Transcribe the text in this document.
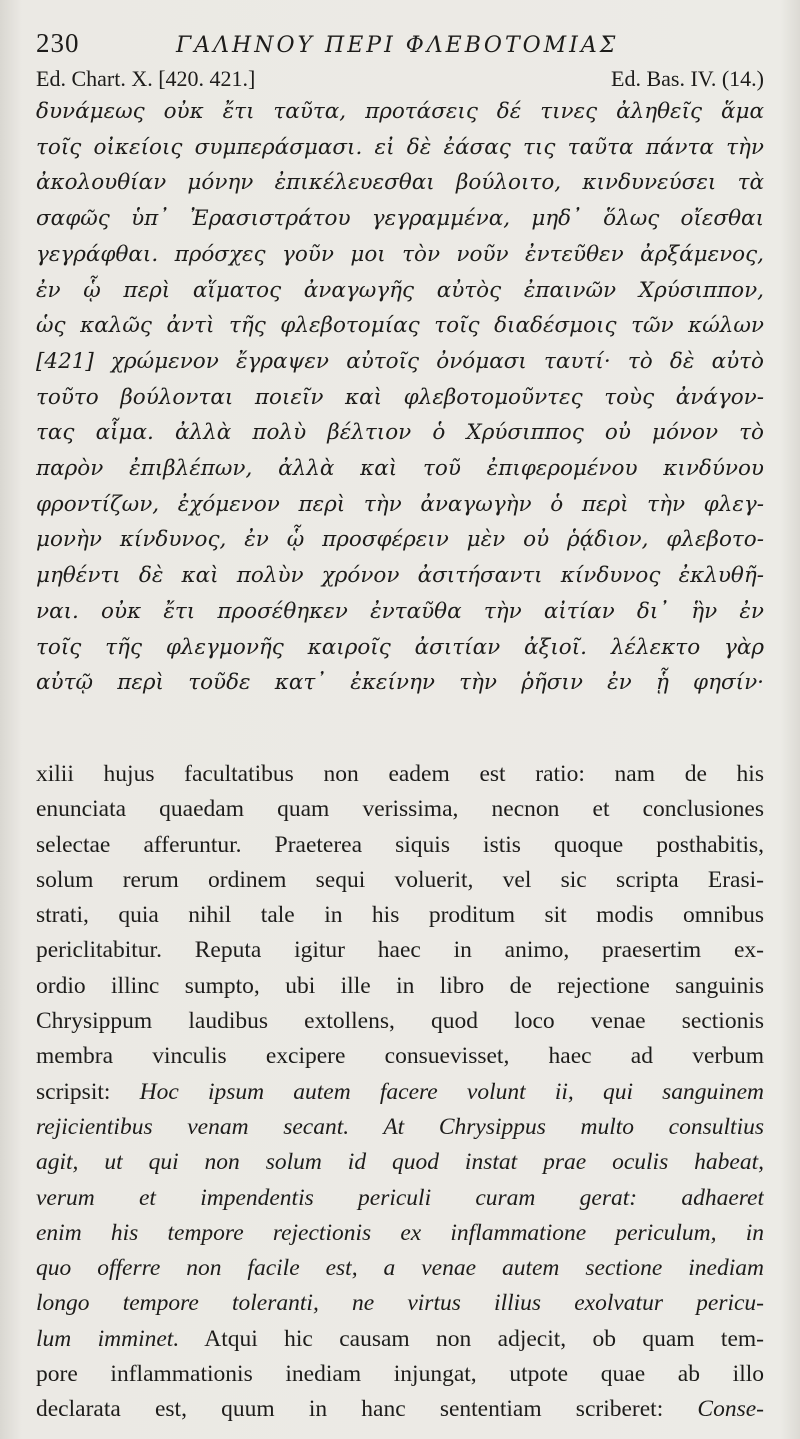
230	ΓΑΛΗΝΟΥ ΠΕΡΙ ΦΛΕΒΟΤΟΜΙΑΣ
Ed. Chart. X. [420. 421.]	Ed. Bas. IV. (14.)
δυνάμεως οὐκ ἔτι ταῦτα, προτάσεις δέ τινες ἀληθεῖς ἅμα
τοῖς οἰκείοις συμπεράσμασι. εἰ δὲ ἐάσας τις ταῦτα πάντα τὴν
ἀκολουθίαν μόνην ἐπικέλευεσθαι βούλοιτο, κινδυνεύσει τὰ
σαφῶς ὑπ᾽ Ἐρασιστράτου γεγραμμένα, μηδ᾽ ὅλως οἴεσθαι
γεγράφθαι. πρόσχες γοῦν μοι τὸν νοῦν ἐντεῦθεν ἀρξάμενος,
ἐν ᾧ περὶ αἵματος ἀναγωγῆς αὐτὸς ἐπαινῶν Χρύσιππον,
ὡς καλῶς ἀντὶ τῆς φλεβοτομίας τοῖς διαδέσμοις τῶν κώλων
[421] χρώμενον ἔγραψεν αὐτοῖς ὀνόμασι ταυτί· τὸ δὲ αὐτὸ
τοῦτο βούλονται ποιεῖν καὶ φλεβοτομοῦντες τοὺς ἀνάγον-
τας αἷμα. ἀλλὰ πολὺ βέλτιον ὁ Χρύσιππος οὐ μόνον τὸ
παρὸν ἐπιβλέπων, ἀλλὰ καὶ τοῦ ἐπιφερομένου κινδύνου
φροντίζων, ἐχόμενον περὶ τὴν ἀναγωγὴν ὁ περὶ τὴν φλεγ-
μονὴν κίνδυνος, ἐν ᾧ προσφέρειν μὲν οὐ ῥᾴδιον, φλεβοτο-
μηθέντι δὲ καὶ πολὺν χρόνον ἀσιτήσαντι κίνδυνος ἐκλυθῆ-
ναι. οὐκ ἔτι προσέθηκεν ἐνταῦθα τὴν αἰτίαν δι᾽ ἣν ἐν
τοῖς τῆς φλεγμονῆς καιροῖς ἀσιτίαν ἀξιοῖ. λέλεκτο γὰρ
αὐτῷ περὶ τοῦδε κατ᾽ ἐκείνην τὴν ῥῆσιν ἐν ᾗ φησίν·
xilii hujus facultatibus non eadem est ratio: nam de his
enunciata quaedam quam verissima, necnon et conclusiones
selectae afferuntur. Praeterea siquis istis quoque posthabitis,
solum rerum ordinem sequi voluerit, vel sic scripta Erasi-
strati, quia nihil tale in his proditum sit modis omnibus
periclitabitur. Reputa igitur haec in animo, praesertim ex-
ordio illinc sumpto, ubi ille in libro de rejectione sanguinis
Chrysippum laudibus extollens, quod loco venae sectionis
membra vinculis excipere consuevisset, haec ad verbum
scripsit: Hoc ipsum autem facere volunt ii, qui sanguinem
rejicientibus venam secant. At Chrysippus multo consultius
agit, ut qui non solum id quod instat prae oculis habeat,
verum et impendentis periculi curam gerat: adhaeret
enim his tempore rejectionis ex inflammatione periculum, in
quo offerre non facile est, a venae autem sectione inediam
longo tempore toleranti, ne virtus illius exolvatur pericu-
lum imminet. Atqui hic causam non adjecit, ob quam tem-
pore inflammationis inediam injungat, utpote quae ab illo
declarata est, quum in hanc sententiam scriberet: Conse-
